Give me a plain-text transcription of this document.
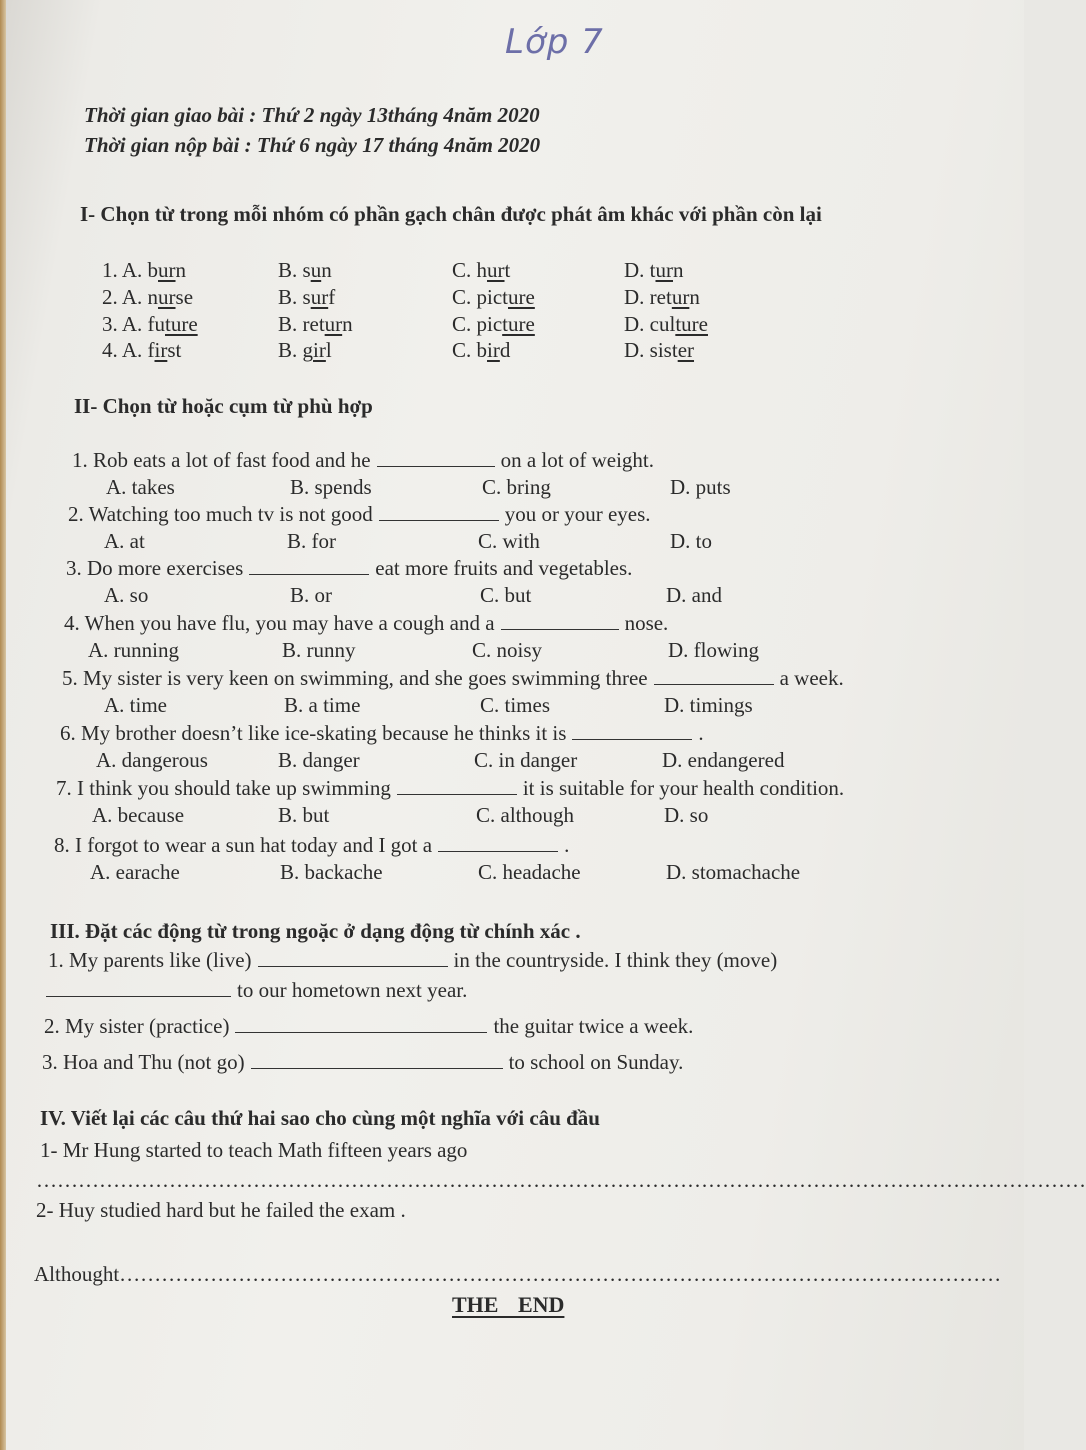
Lớp 7
Thời gian giao bài : Thứ 2 ngày 13tháng 4năm 2020
Thời gian nộp bài : Thứ 6 ngày 17 tháng 4năm 2020
I- Chọn từ trong mỗi nhóm có phần gạch chân được phát âm khác với phần còn lại
1. A. burn	B. sun	C. hurt	D. turn
2. A. nurse	B. surf	C. picture	D. return
3. A. future	B. return	C. picture	D. culture
4. A. first	B. girl	C. bird	D. sister
II- Chọn từ hoặc cụm từ phù hợp
1. Rob eats a lot of fast food and he	on a lot of weight.
A. takes	B. spends	C. bring	D. puts
2. Watching too much tv is not good	you or your eyes.
A. at	B. for	C. with	D. to
3. Do more exercises	eat more fruits and vegetables.
A. so	B. or	C. but	D. and
4. When you have flu, you may have a cough and a	nose.
A. running	B. runny	C. noisy	D. flowing
5. My sister is very keen on swimming, and she goes swimming three	a week.
A. time	B. a time	C. times	D. timings
6. My brother doesn’t like ice-skating because he thinks it is	.
A. dangerous	B. danger	C. in danger	D. endangered
7. I think you should take up swimming	it is suitable for your health condition.
A. because	B. but	C. although	D. so
8. I forgot to wear a sun hat today and I got a	.
A. earache	B. backache	C. headache	D. stomachache
III. Đặt các động từ trong ngoặc ở dạng động từ chính xác .
1. My parents like (live)	in the countryside. I think they (move)
to our hometown next year.
2. My sister (practice)	the guitar twice a week.
3. Hoa and Thu (not go)	to school on Sunday.
IV. Viết lại các câu thứ hai sao cho cùng một nghĩa với câu đầu
1- Mr Hung started to teach Math fifteen years ago
……………………………………………………………………………………………………………………………………
2- Huy studied hard but he failed the exam .
Althought………………………………………………………………………………………………………………
THE END
